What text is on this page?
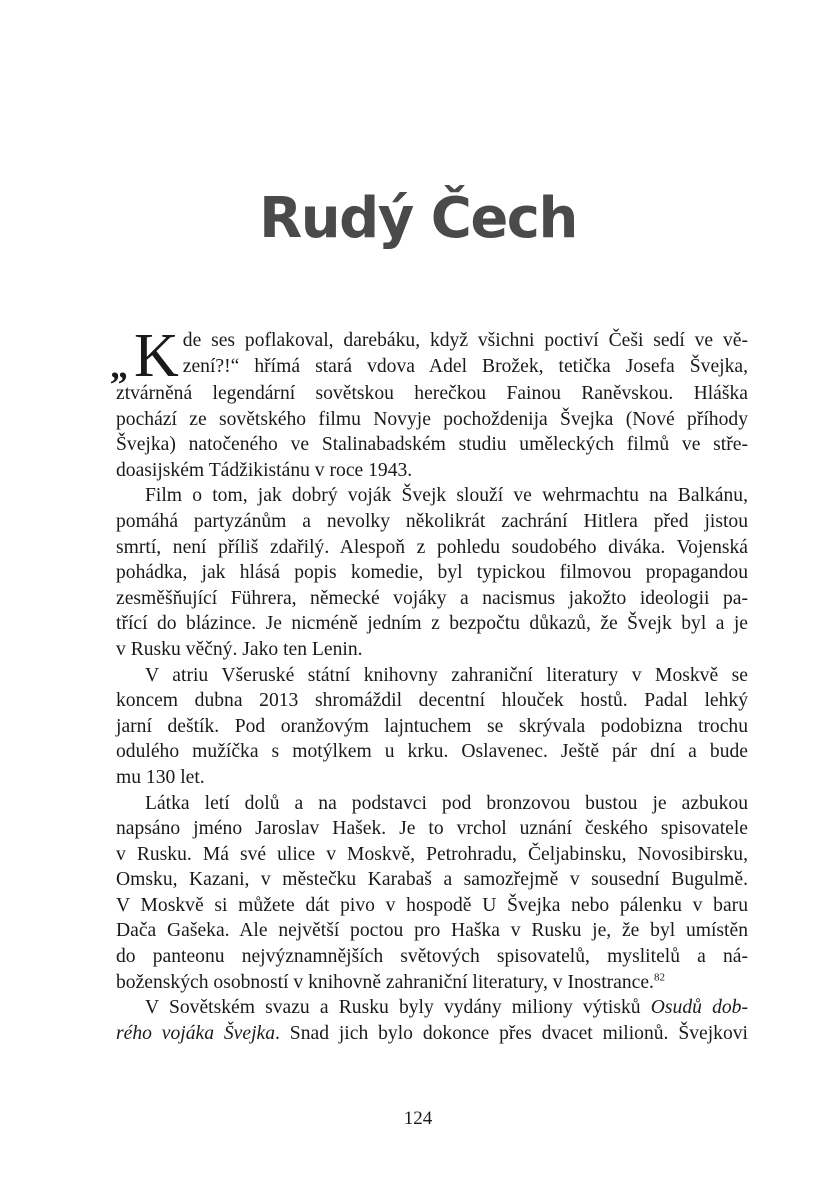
Rudý Čech
„ K de ses poflakoval, darebáku, když všichni poctiví Češi sedí ve vě-
zení?!“ hřímá stará vdova Adel Brožek, tetička Josefa Švejka,
ztvárněná legendární sovětskou herečkou Fainou Raněvskou. Hláška
pochází ze sovětského filmu Novyje pochoždenija Švejka (Nové příhody
Švejka) natočeného ve Stalinabadském studiu uměleckých filmů ve stře-
doasijském Tádžikistánu v roce 1943.
Film o tom, jak dobrý voják Švejk slouží ve wehrmachtu na Balkánu,
pomáhá partyzánům a nevolky několikrát zachrání Hitlera před jistou
smrtí, není příliš zdařilý. Alespoň z pohledu soudobého diváka. Vojenská
pohádka, jak hlásá popis komedie, byl typickou filmovou propagandou
zesměšňující Führera, německé vojáky a nacismus jakožto ideologii pa-
třící do blázince. Je nicméně jedním z bezpočtu důkazů, že Švejk byl a je
v Rusku věčný. Jako ten Lenin.
V atriu Všeruské státní knihovny zahraniční literatury v Moskvě se
koncem dubna 2013 shromáždil decentní hlouček hostů. Padal lehký
jarní deštík. Pod oranžovým lajntuchem se skrývala podobizna trochu
odulého mužíčka s motýlkem u krku. Oslavenec. Ještě pár dní a bude
mu 130 let.
Látka letí dolů a na podstavci pod bronzovou bustou je azbukou
napsáno jméno Jaroslav Hašek. Je to vrchol uznání českého spisovatele
v Rusku. Má své ulice v Moskvě, Petrohradu, Čeljabinsku, Novosibirsku,
Omsku, Kazani, v městečku Karabaš a samozřejmě v sousední Bugulmě.
V Moskvě si můžete dát pivo v hospodě U Švejka nebo pálenku v baru
Dača Gašeka. Ale největší poctou pro Haška v Rusku je, že byl umístěn
do panteonu nejvýznamnějších světových spisovatelů, myslitelů a ná-
boženských osobností v knihovně zahraniční literatury, v Inostrance.$^{82}$
V Sovětském svazu a Rusku byly vydány miliony výtisků Osudů dob-
rého vojáka Švejka. Snad jich bylo dokonce přes dvacet milionů. Švejkovi
124
